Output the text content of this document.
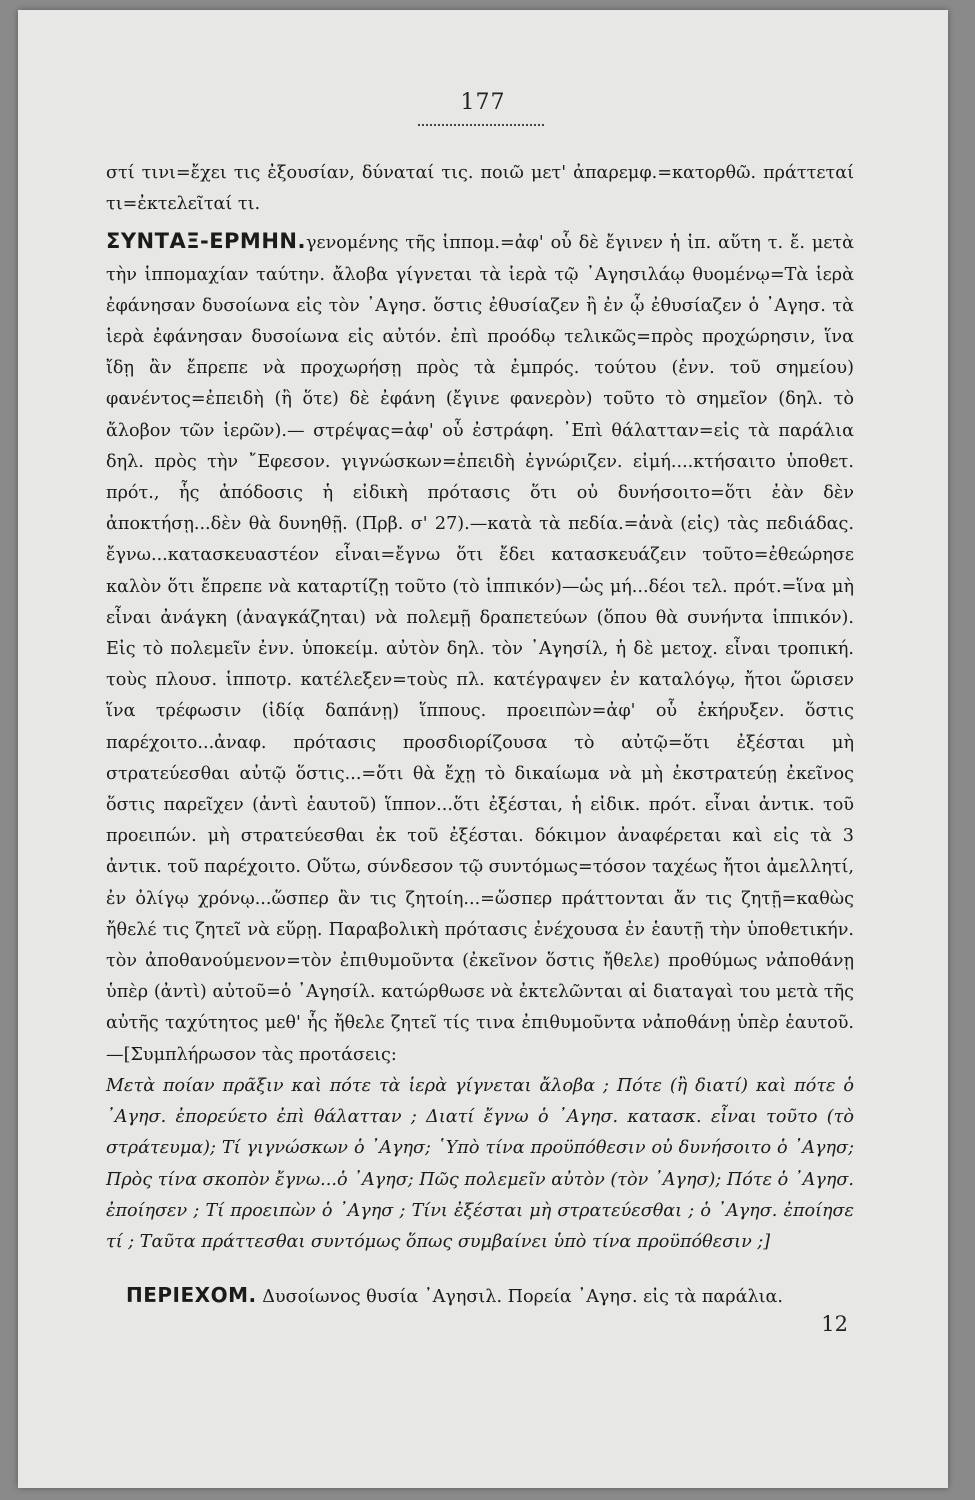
177

στί τινι=ἔχει τις ἐξουσίαν, δύναταί τις. ποιῶ μετ' ἀπαρεμφ.=κατορθῶ. πράττεταί τι=ἐκτελεῖταί τι.

ΣΥΝΤΑΞ-ΕΡΜΗΝ.γενομένης τῆς ἱππομ.=ἀφ' οὗ δὲ ἔγινεν ἡ ἱπ. αὕτη τ. ἔ. μετὰ τὴν ἱππομαχίαν ταύτην. ἄλοβα γίγνεται τὰ ἱερὰ τῷ ᾽Αγησιλάῳ θυομένῳ=Τὰ ἱερὰ ἐφάνησαν δυσοίωνα εἰς τὸν ᾽Αγησ. ὅστις ἐθυσίαζεν ἢ ἐν ᾧ ἐθυσίαζεν ὁ ᾽Αγησ. τὰ ἱερὰ ἐφάνησαν δυσοίωνα εἰς αὐτόν. ἐπὶ προόδῳ τελικῶς=πρὸς προχώρησιν, ἵνα ἴδῃ ἂν ἔπρεπε νὰ προχωρήσῃ πρὸς τὰ ἐμπρός. τούτου (ἐνν. τοῦ σημείου) φανέντος=ἐπειδὴ (ἢ ὅτε) δὲ ἐφάνη (ἔγινε φανερὸν) τοῦτο τὸ σημεῖον (δηλ. τὸ ἄλοβον τῶν ἱερῶν).— στρέψας=ἀφ' οὗ ἐστράφη. ᾽Επὶ θάλατταν=εἰς τὰ παράλια δηλ. πρὸς τὴν ῎Εφεσον. γιγνώσκων=ἐπειδὴ ἐγνώριζεν. εἰμή....κτήσαιτο ὑποθετ. πρότ., ἧς ἀπόδοσις ἡ εἰδικὴ πρότασις ὅτι οὐ δυνήσοιτο=ὅτι ἐὰν δὲν ἀποκτήσῃ...δὲν θὰ δυνηθῇ. (Πρβ. σ' 27).—κατὰ τὰ πεδία.=ἀνὰ (εἰς) τὰς πεδιάδας. ἔγνω...κατασκευαστέον εἶναι=ἔγνω ὅτι ἔδει κατασκευάζειν τοῦτο=ἐθεώρησε καλὸν ὅτι ἔπρεπε νὰ καταρτίζῃ τοῦτο (τὸ ἱππικόν)—ὡς μή...δέοι τελ. πρότ.=ἵνα μὴ εἶναι ἀνάγκη (ἀναγκάζηται) νὰ πολεμῇ δραπετεύων (ὅπου θὰ συνήντα ἱππικόν). Εἰς τὸ πολεμεῖν ἐνν. ὑποκείμ. αὐτὸν δηλ. τὸν ᾽Αγησίλ, ἡ δὲ μετοχ. εἶναι τροπική. τοὺς πλουσ. ἱπποτρ. κατέλεξεν=τοὺς πλ. κατέγραψεν ἐν καταλόγῳ, ἤτοι ὥρισεν ἵνα τρέφωσιν (ἰδίᾳ δαπάνῃ) ἵππους. προειπὼν=ἀφ' οὗ ἐκήρυξεν. ὅστις παρέχοιτο...ἀναφ. πρότασις προσδιορίζουσα τὸ αὐτῷ=ὅτι ἐξέσται μὴ στρατεύεσθαι αὐτῷ ὅστις...=ὅτι θὰ ἔχῃ τὸ δικαίωμα νὰ μὴ ἐκστρατεύῃ ἐκεῖνος ὅστις παρεῖχεν (ἀντὶ ἑαυτοῦ) ἵππον...ὅτι ἐξέσται, ἡ εἰδικ. πρότ. εἶναι ἀντικ. τοῦ προειπών. μὴ στρατεύεσθαι ἐκ τοῦ ἐξέσται. δόκιμον ἀναφέρεται καὶ εἰς τὰ 3 ἀντικ. τοῦ παρέχοιτο. Οὕτω, σύνδεσον τῷ συντόμως=τόσον ταχέως ἤτοι ἀμελλητί, ἐν ὀλίγῳ χρόνῳ...ὥσπερ ἂν τις ζητοίη...=ὥσπερ πράττονται ἄν τις ζητῇ=καθὼς ἤθελέ τις ζητεῖ νὰ εὕρῃ. Παραβολικὴ πρότασις ἐνέχουσα ἐν ἑαυτῇ τὴν ὑποθετικήν. τὸν ἀποθανούμενον=τὸν ἐπιθυμοῦντα (ἐκεῖνον ὅστις ἤθελε) προθύμως νἀποθάνῃ ὑπὲρ (ἀντὶ) αὐτοῦ=ὁ ᾽Αγησίλ. κατώρθωσε νὰ ἐκτελῶνται αἱ διαταγαὶ του μετὰ τῆς αὐτῆς ταχύτητος μεθ' ἧς ἤθελε ζητεῖ τίς τινα ἐπιθυμοῦντα νἀποθάνῃ ὑπὲρ ἑαυτοῦ.—[Συμπλήρωσον τὰς προτάσεις:

Μετὰ ποίαν πρᾶξιν καὶ πότε τὰ ἱερὰ γίγνεται ἄλοβα ; Πότε (ἢ διατί) καὶ πότε ὁ ᾽Αγησ. ἐπορεύετο ἐπὶ θάλατταν ; Διατί ἔγνω ὁ ᾽Αγησ. κατασκ. εἶναι τοῦτο (τὸ στράτευμα); Τί γιγνώσκων ὁ ᾽Αγησ; ῾Υπὸ τίνα προϋπόθεσιν οὐ δυνήσοιτο ὁ ᾽Αγησ; Πρὸς τίνα σκοπὸν ἔγνω...ὁ ᾽Αγησ; Πῶς πολεμεῖν αὐτὸν (τὸν ᾽Αγησ); Πότε ὁ ᾽Αγησ. ἐποίησεν ; Τί προειπὼν ὁ ᾽Αγησ ; Τίνι ἐξέσται μὴ στρατεύεσθαι ; ὁ ᾽Αγησ. ἐποίησε τί ; Ταῦτα πράττεσθαι συντόμως ὅπως συμβαίνει ὑπὸ τίνα προϋπόθεσιν ;]

ΠΕΡΙΕΧΟΜ. Δυσοίωνος θυσία ᾽Αγησιλ. Πορεία ᾽Αγησ. εἰς τὰ παράλια.
12
